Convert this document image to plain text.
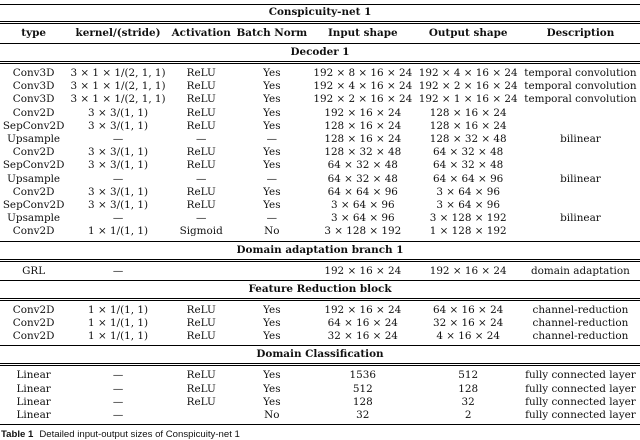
Conspicuity-net 1						
type	kernel/(stride)	Activation	Batch Norm	Input shape	Output shape	Description
Decoder 1						
Conv3D	3 × 1 × 1/(2, 1, 1)	ReLU	Yes	192 × 8 × 16 × 24	192 × 4 × 16 × 24	temporal convolution
Conv3D	3 × 1 × 1/(2, 1, 1)	ReLU	Yes	192 × 4 × 16 × 24	192 × 2 × 16 × 24	temporal convolution
Conv3D	3 × 1 × 1/(2, 1, 1)	ReLU	Yes	192 × 2 × 16 × 24	192 × 1 × 16 × 24	temporal convolution
Conv2D	3 × 3/(1, 1)	ReLU	Yes	192 × 16 × 24	128 × 16 × 24	
SepConv2D	3 × 3/(1, 1)	ReLU	Yes	128 × 16 × 24	128 × 16 × 24	
Upsample	—	—	—	128 × 16 × 24	128 × 32 × 48	bilinear
Conv2D	3 × 3/(1, 1)	ReLU	Yes	128 × 32 × 48	64 × 32 × 48	
SepConv2D	3 × 3/(1, 1)	ReLU	Yes	64 × 32 × 48	64 × 32 × 48	
Upsample	—	—	—	64 × 32 × 48	64 × 64 × 96	bilinear
Conv2D	3 × 3/(1, 1)	ReLU	Yes	64 × 64 × 96	3 × 64 × 96	
SepConv2D	3 × 3/(1, 1)	ReLU	Yes	3 × 64 × 96	3 × 64 × 96	
Upsample	—	—	—	3 × 64 × 96	3 × 128 × 192	bilinear
Conv2D	1 × 1/(1, 1)	Sigmoid	No	3 × 128 × 192	1 × 128 × 192	
Domain adaptation branch 1						
GRL	—			192 × 16 × 24	192 × 16 × 24	domain adaptation
Feature Reduction block						
Conv2D	1 × 1/(1, 1)	ReLU	Yes	192 × 16 × 24	64 × 16 × 24	channel-reduction
Conv2D	1 × 1/(1, 1)	ReLU	Yes	64 × 16 × 24	32 × 16 × 24	channel-reduction
Conv2D	1 × 1/(1, 1)	ReLU	Yes	32 × 16 × 24	4 × 16 × 24	channel-reduction
Domain Classification						
Linear	—	ReLU	Yes	1536	512	fully connected layer
Linear	—	ReLU	Yes	512	128	fully connected layer
Linear	—	ReLU	Yes	128	32	fully connected layer
Linear	—		No	32	2	fully connected layer
Table 1 Detailed input-output sizes of Conspicuity-net 1
